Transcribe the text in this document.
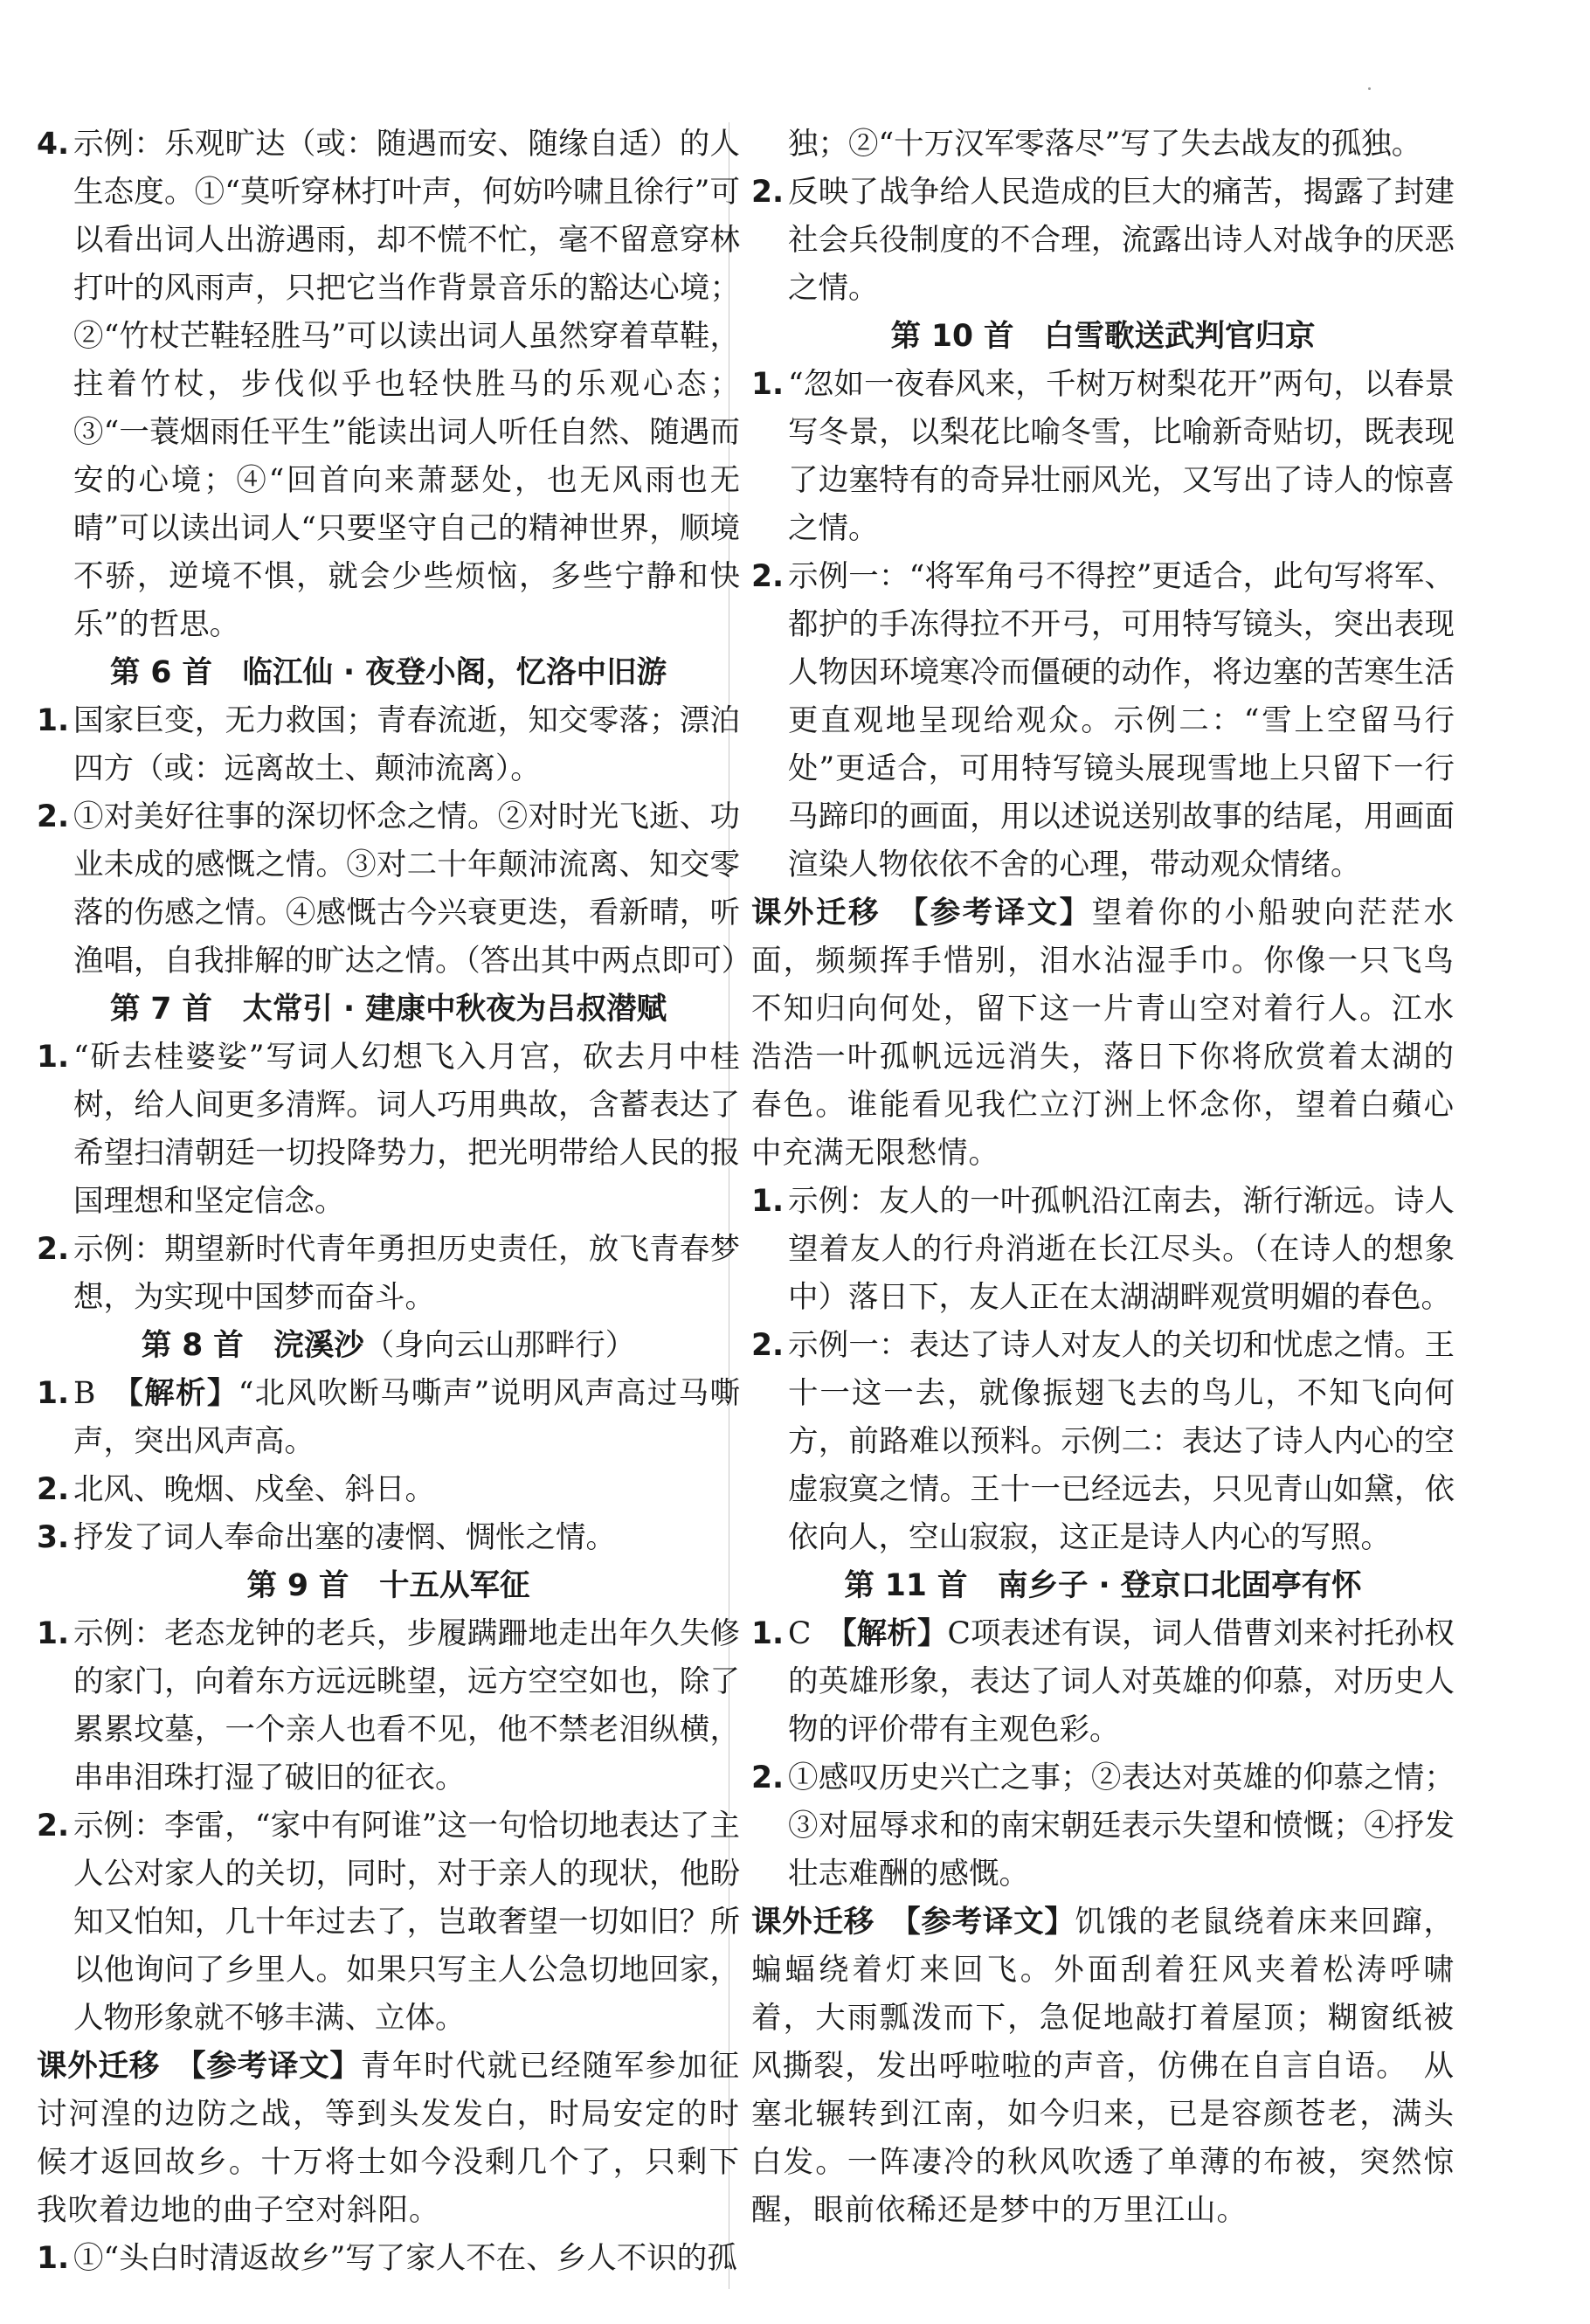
4. 示例：乐观旷达（或：随遇而安、随缘自适）的人生态度。①“莫听穿林打叶声，何妨吟啸且徐行”可以看出词人出游遇雨，却不慌不忙，毫不留意穿林打叶的风雨声，只把它当作背景音乐的豁达心境；②“竹杖芒鞋轻胜马”可以读出词人虽然穿着草鞋，拄着竹杖，步伐似乎也轻快胜马的乐观心态；③“一蓑烟雨任平生”能读出词人听任自然、随遇而安的心境；④“回首向来萧瑟处，也无风雨也无晴”可以读出词人“只要坚守自己的精神世界，顺境不骄，逆境不惧，就会少些烦恼，多些宁静和快乐”的哲思。

第 6 首　临江仙 · 夜登小阁，忆洛中旧游

1. 国家巨变，无力救国；青春流逝，知交零落；漂泊四方（或：远离故土、颠沛流离）。

2. ①对美好往事的深切怀念之情。②对时光飞逝、功业未成的感慨之情。③对二十年颠沛流离、知交零落的伤感之情。④感慨古今兴衰更迭，看新晴，听渔唱，自我排解的旷达之情。（答出其中两点即可）

第 7 首　太常引 · 建康中秋夜为吕叔潜赋

1. “斫去桂婆娑”写词人幻想飞入月宫，砍去月中桂树，给人间更多清辉。词人巧用典故，含蓄表达了希望扫清朝廷一切投降势力，把光明带给人民的报国理想和坚定信念。

2. 示例：期望新时代青年勇担历史责任，放飞青春梦想，为实现中国梦而奋斗。

第 8 首　浣溪沙（身向云山那畔行）

1. B　 【解析】“北风吹断马嘶声”说明风声高过马嘶声，突出风声高。

2. 北风、晚烟、戍垒、斜日。

3. 抒发了词人奉命出塞的凄惘、惆怅之情。

第 9 首　十五从军征

1. 示例：老态龙钟的老兵，步履蹒跚地走出年久失修的家门，向着东方远远眺望，远方空空如也，除了累累坟墓，一个亲人也看不见，他不禁老泪纵横，串串泪珠打湿了破旧的征衣。

2. 示例：李雷，“家中有阿谁”这一句恰切地表达了主人公对家人的关切，同时，对于亲人的现状，他盼知又怕知，几十年过去了，岂敢奢望一切如旧？所以他询问了乡里人。如果只写主人公急切地回家，人物形象就不够丰满、立体。

课外迁移　 【参考译文】青年时代就已经随军参加征讨河湟的边防之战，等到头发发白，时局安定的时候才返回故乡。十万将士如今没剩几个了，只剩下我吹着边地的曲子空对斜阳。

1. ①“头白时清返故乡”写了家人不在、乡人不识的孤

独；②“十万汉军零落尽”写了失去战友的孤独。

2. 反映了战争给人民造成的巨大的痛苦，揭露了封建社会兵役制度的不合理，流露出诗人对战争的厌恶之情。

第 10 首　白雪歌送武判官归京

1. “忽如一夜春风来，千树万树梨花开”两句，以春景写冬景，以梨花比喻冬雪，比喻新奇贴切，既表现了边塞特有的奇异壮丽风光，又写出了诗人的惊喜之情。

2. 示例一：“将军角弓不得控”更适合，此句写将军、都护的手冻得拉不开弓，可用特写镜头，突出表现人物因环境寒冷而僵硬的动作，将边塞的苦寒生活更直观地呈现给观众。示例二：“雪上空留马行处”更适合，可用特写镜头展现雪地上只留下一行马蹄印的画面，用以述说送别故事的结尾，用画面渲染人物依依不舍的心理，带动观众情绪。

课外迁移　 【参考译文】望着你的小船驶向茫茫水面，频频挥手惜别，泪水沾湿手巾。你像一只飞鸟不知归向何处，留下这一片青山空对着行人。江水浩浩一叶孤帆远远消失，落日下你将欣赏着太湖的春色。谁能看见我伫立汀洲上怀念你，望着白蘋心中充满无限愁情。

1. 示例：友人的一叶孤帆沿江南去，渐行渐远。诗人望着友人的行舟消逝在长江尽头。（在诗人的想象中）落日下，友人正在太湖湖畔观赏明媚的春色。

2. 示例一：表达了诗人对友人的关切和忧虑之情。王十一这一去，就像振翅飞去的鸟儿，不知飞向何方，前路难以预料。示例二：表达了诗人内心的空虚寂寞之情。王十一已经远去，只见青山如黛，依依向人，空山寂寂，这正是诗人内心的写照。

第 11 首　南乡子 · 登京口北固亭有怀

1. C　 【解析】C项表述有误，词人借曹刘来衬托孙权的英雄形象，表达了词人对英雄的仰慕，对历史人物的评价带有主观色彩。

2. ①感叹历史兴亡之事；②表达对英雄的仰慕之情；③对屈辱求和的南宋朝廷表示失望和愤慨；④抒发壮志难酬的感慨。

课外迁移　 【参考译文】饥饿的老鼠绕着床来回蹿，蝙蝠绕着灯来回飞。外面刮着狂风夹着松涛呼啸着，大雨瓢泼而下，急促地敲打着屋顶；糊窗纸被风撕裂，发出呼啦啦的声音，仿佛在自言自语。　从塞北辗转到江南，如今归来，已是容颜苍老，满头白发。一阵凄冷的秋风吹透了单薄的布被，突然惊醒，眼前依稀还是梦中的万里江山。
